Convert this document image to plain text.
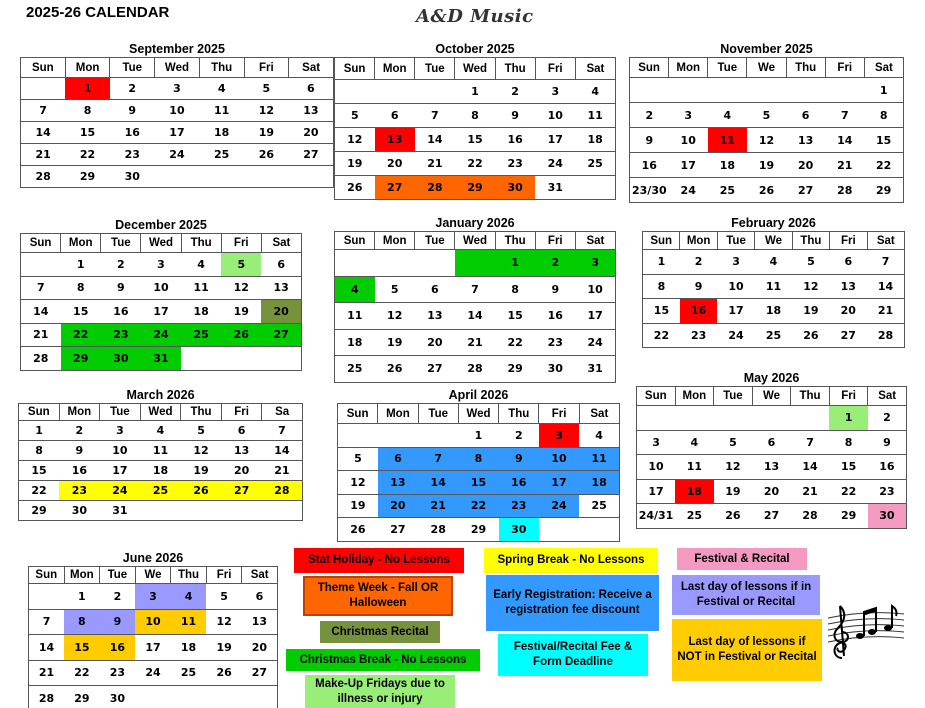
2025-26 CALENDAR	A&D Music
September 2025
Sun	Mon	Tue	Wed	Thu	Fri	Sat
	1	2	3	4	5	6
7	8	9	10	11	12	13
14	15	16	17	18	19	20
21	22	23	24	25	26	27
28	29	30				
October 2025
Sun	Mon	Tue	Wed	Thu	Fri	Sat
			1	2	3	4
5	6	7	8	9	10	11
12	13	14	15	16	17	18
19	20	21	22	23	24	25
26	27	28	29	30	31	
November 2025
Sun	Mon	Tue	We	Thu	Fri	Sat
						1
2	3	4	5	6	7	8
9	10	11	12	13	14	15
16	17	18	19	20	21	22
23/30	24	25	26	27	28	29
December 2025
Sun	Mon	Tue	Wed	Thu	Fri	Sat
	1	2	3	4	5	6
7	8	9	10	11	12	13
14	15	16	17	18	19	20
21	22	23	24	25	26	27
28	29	30	31			
January 2026
Sun	Mon	Tue	Wed	Thu	Fri	Sat
				1	2	3
4	5	6	7	8	9	10
11	12	13	14	15	16	17
18	19	20	21	22	23	24
25	26	27	28	29	30	31
February 2026
Sun	Mon	Tue	We	Thu	Fri	Sat
1	2	3	4	5	6	7
8	9	10	11	12	13	14
15	16	17	18	19	20	21
22	23	24	25	26	27	28
March 2026
Sun	Mon	Tue	Wed	Thu	Fri	Sa
1	2	3	4	5	6	7
8	9	10	11	12	13	14
15	16	17	18	19	20	21
22	23	24	25	26	27	28
29	30	31				
April 2026
Sun	Mon	Tue	Wed	Thu	Fri	Sat
			1	2	3	4
5	6	7	8	9	10	11
12	13	14	15	16	17	18
19	20	21	22	23	24	25
26	27	28	29	30		
May 2026
Sun	Mon	Tue	We	Thu	Fri	Sat
					1	2
3	4	5	6	7	8	9
10	11	12	13	14	15	16
17	18	19	20	21	22	23
24/31	25	26	27	28	29	30
June 2026
Sun	Mon	Tue	We	Thu	Fri	Sat
	1	2	3	4	5	6
7	8	9	10	11	12	13
14	15	16	17	18	19	20
21	22	23	24	25	26	27
28	29	30				
Stat Holiday - No Lessons
Theme Week - Fall OR Halloween
Christmas Recital
Christmas Break - No Lessons
Make-Up Fridays due to illness or injury
Spring Break - No Lessons
Early Registration: Receive a registration fee discount
Festival/Recital Fee & Form Deadline
Festival & Recital
Last day of lessons if in Festival or Recital
Last day of lessons if NOT in Festival or Recital
